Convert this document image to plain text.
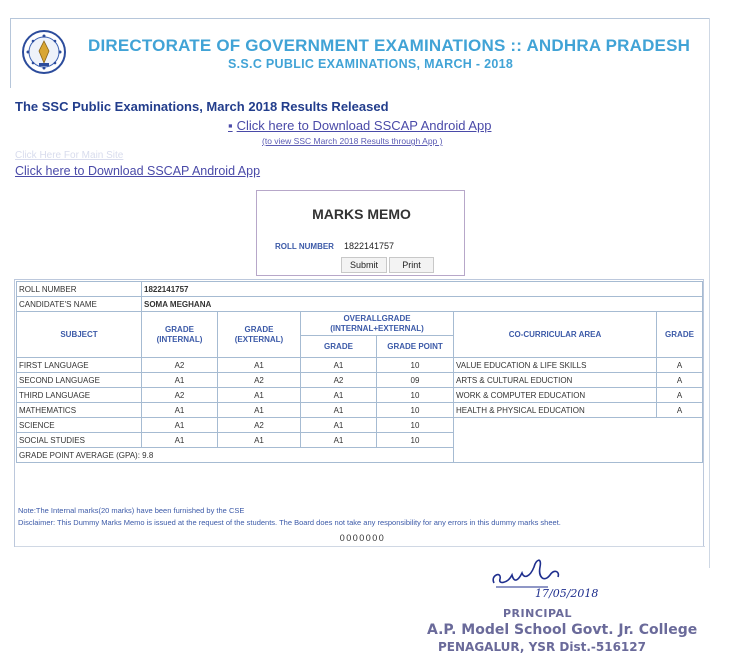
DIRECTORATE OF GOVERNMENT EXAMINATIONS :: ANDHRA PRADESH
S.S.C PUBLIC EXAMINATIONS, MARCH - 2018
The SSC Public Examinations, March 2018 Results Released
▪ Click here to Download SSCAP Android App
(to view SSC March 2018 Results through App )
Click Here For Main Site
Click here to Download SSCAP Android App
MARKS MEMO
ROLL NUMBER 1822141757
Submit	Print
ROLL NUMBER	1822141757					
CANDIDATE'S NAME	SOMA MEGHANA					
SUBJECT	GRADE (INTERNAL)	GRADE (EXTERNAL)	OVERALLGRADE (INTERNAL+EXTERNAL)		CO-CURRICULAR AREA	GRADE
			GRADE	GRADE POINT		
FIRST LANGUAGE	A2	A1	A1	10	VALUE EDUCATION & LIFE SKILLS	A
SECOND LANGUAGE	A1	A2	A2	09	ARTS & CULTURAL EDUCTION	A
THIRD LANGUAGE	A2	A1	A1	10	WORK & COMPUTER EDUCATION	A
MATHEMATICS	A1	A1	A1	10	HEALTH & PHYSICAL EDUCATION	A
SCIENCE	A1	A2	A1	10		
SOCIAL STUDIES	A1	A1	A1	10		
GRADE POINT AVERAGE (GPA): 9.8						
Note:The Internal marks(20 marks) have been furnished by the CSE
Disclaimer: This Dummy Marks Memo is issued at the request of the students. The Board does not take any responsibility for any errors in this dummy marks sheet.
0000000
17/05/2018
PRINCIPAL
A.P. Model School Govt. Jr. College
PENAGALUR, YSR Dist.-516127
